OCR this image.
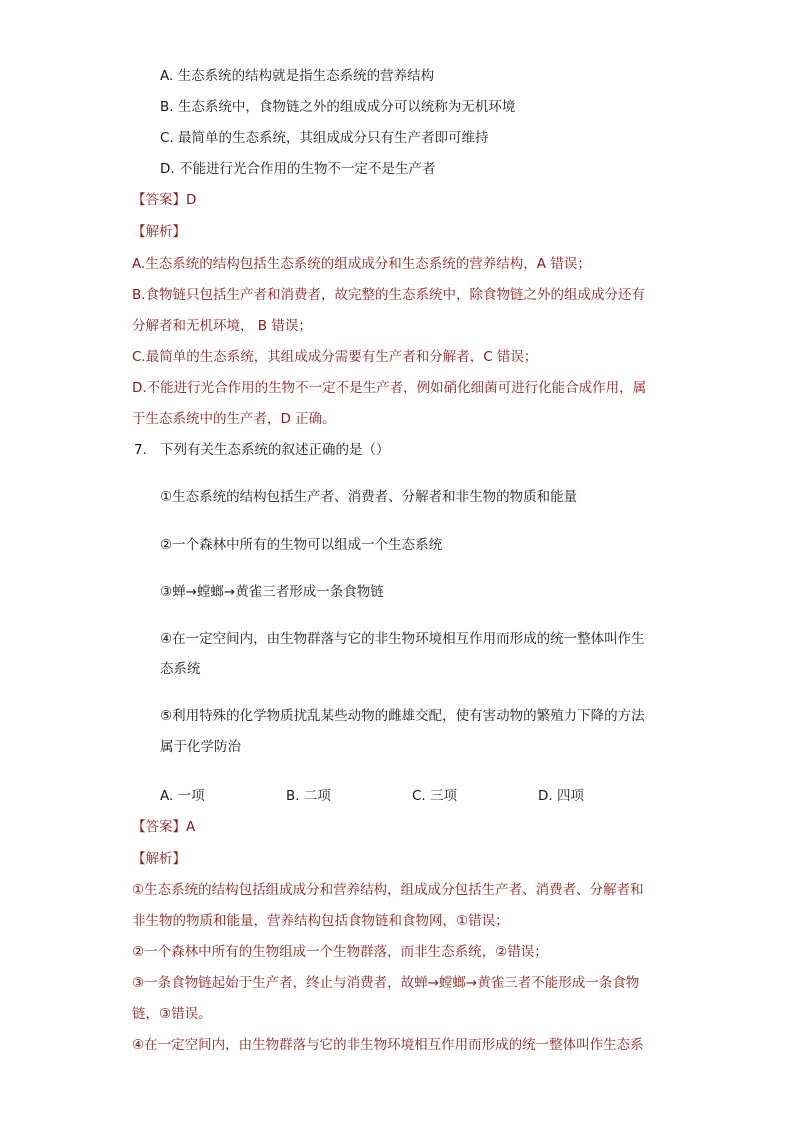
A. 生态系统的结构就是指生态系统的营养结构
B. 生态系统中，食物链之外的组成成分可以统称为无机环境
C. 最简单的生态系统，其组成成分只有生产者即可维持
D. 不能进行光合作用的生物不一定不是生产者
【答案】D
【解析】
A.生态系统的结构包括生态系统的组成成分和生态系统的营养结构，A 错误；
B.食物链只包括生产者和消费者，故完整的生态系统中，除食物链之外的组成成分还有
分解者和无机环境， B 错误；
C.最简单的生态系统，其组成成分需要有生产者和分解者，C 错误；
D.不能进行光合作用的生物不一定不是生产者，例如硝化细菌可进行化能合成作用，属
于生态系统中的生产者，D 正确。
7. 下列有关生态系统的叙述正确的是（）
①生态系统的结构包括生产者、消费者、分解者和非生物的物质和能量
②一个森林中所有的生物可以组成一个生态系统
③蝉→螳螂→黄雀三者形成一条食物链
④在一定空间内，由生物群落与它的非生物环境相互作用而形成的统一整体叫作生
态系统
⑤利用特殊的化学物质扰乱某些动物的雌雄交配，使有害动物的繁殖力下降的方法
属于化学防治
A. 一项	B. 二项	C. 三项	D. 四项
【答案】A
【解析】
①生态系统的结构包括组成成分和营养结构，组成成分包括生产者、消费者、分解者和
非生物的物质和能量，营养结构包括食物链和食物网，①错误；
②一个森林中所有的生物组成一个生物群落，而非生态系统，②错误；
③一条食物链起始于生产者，终止与消费者，故蝉→螳螂→黄雀三者不能形成一条食物
链，③错误。
④在一定空间内，由生物群落与它的非生物环境相互作用而形成的统一整体叫作生态系
